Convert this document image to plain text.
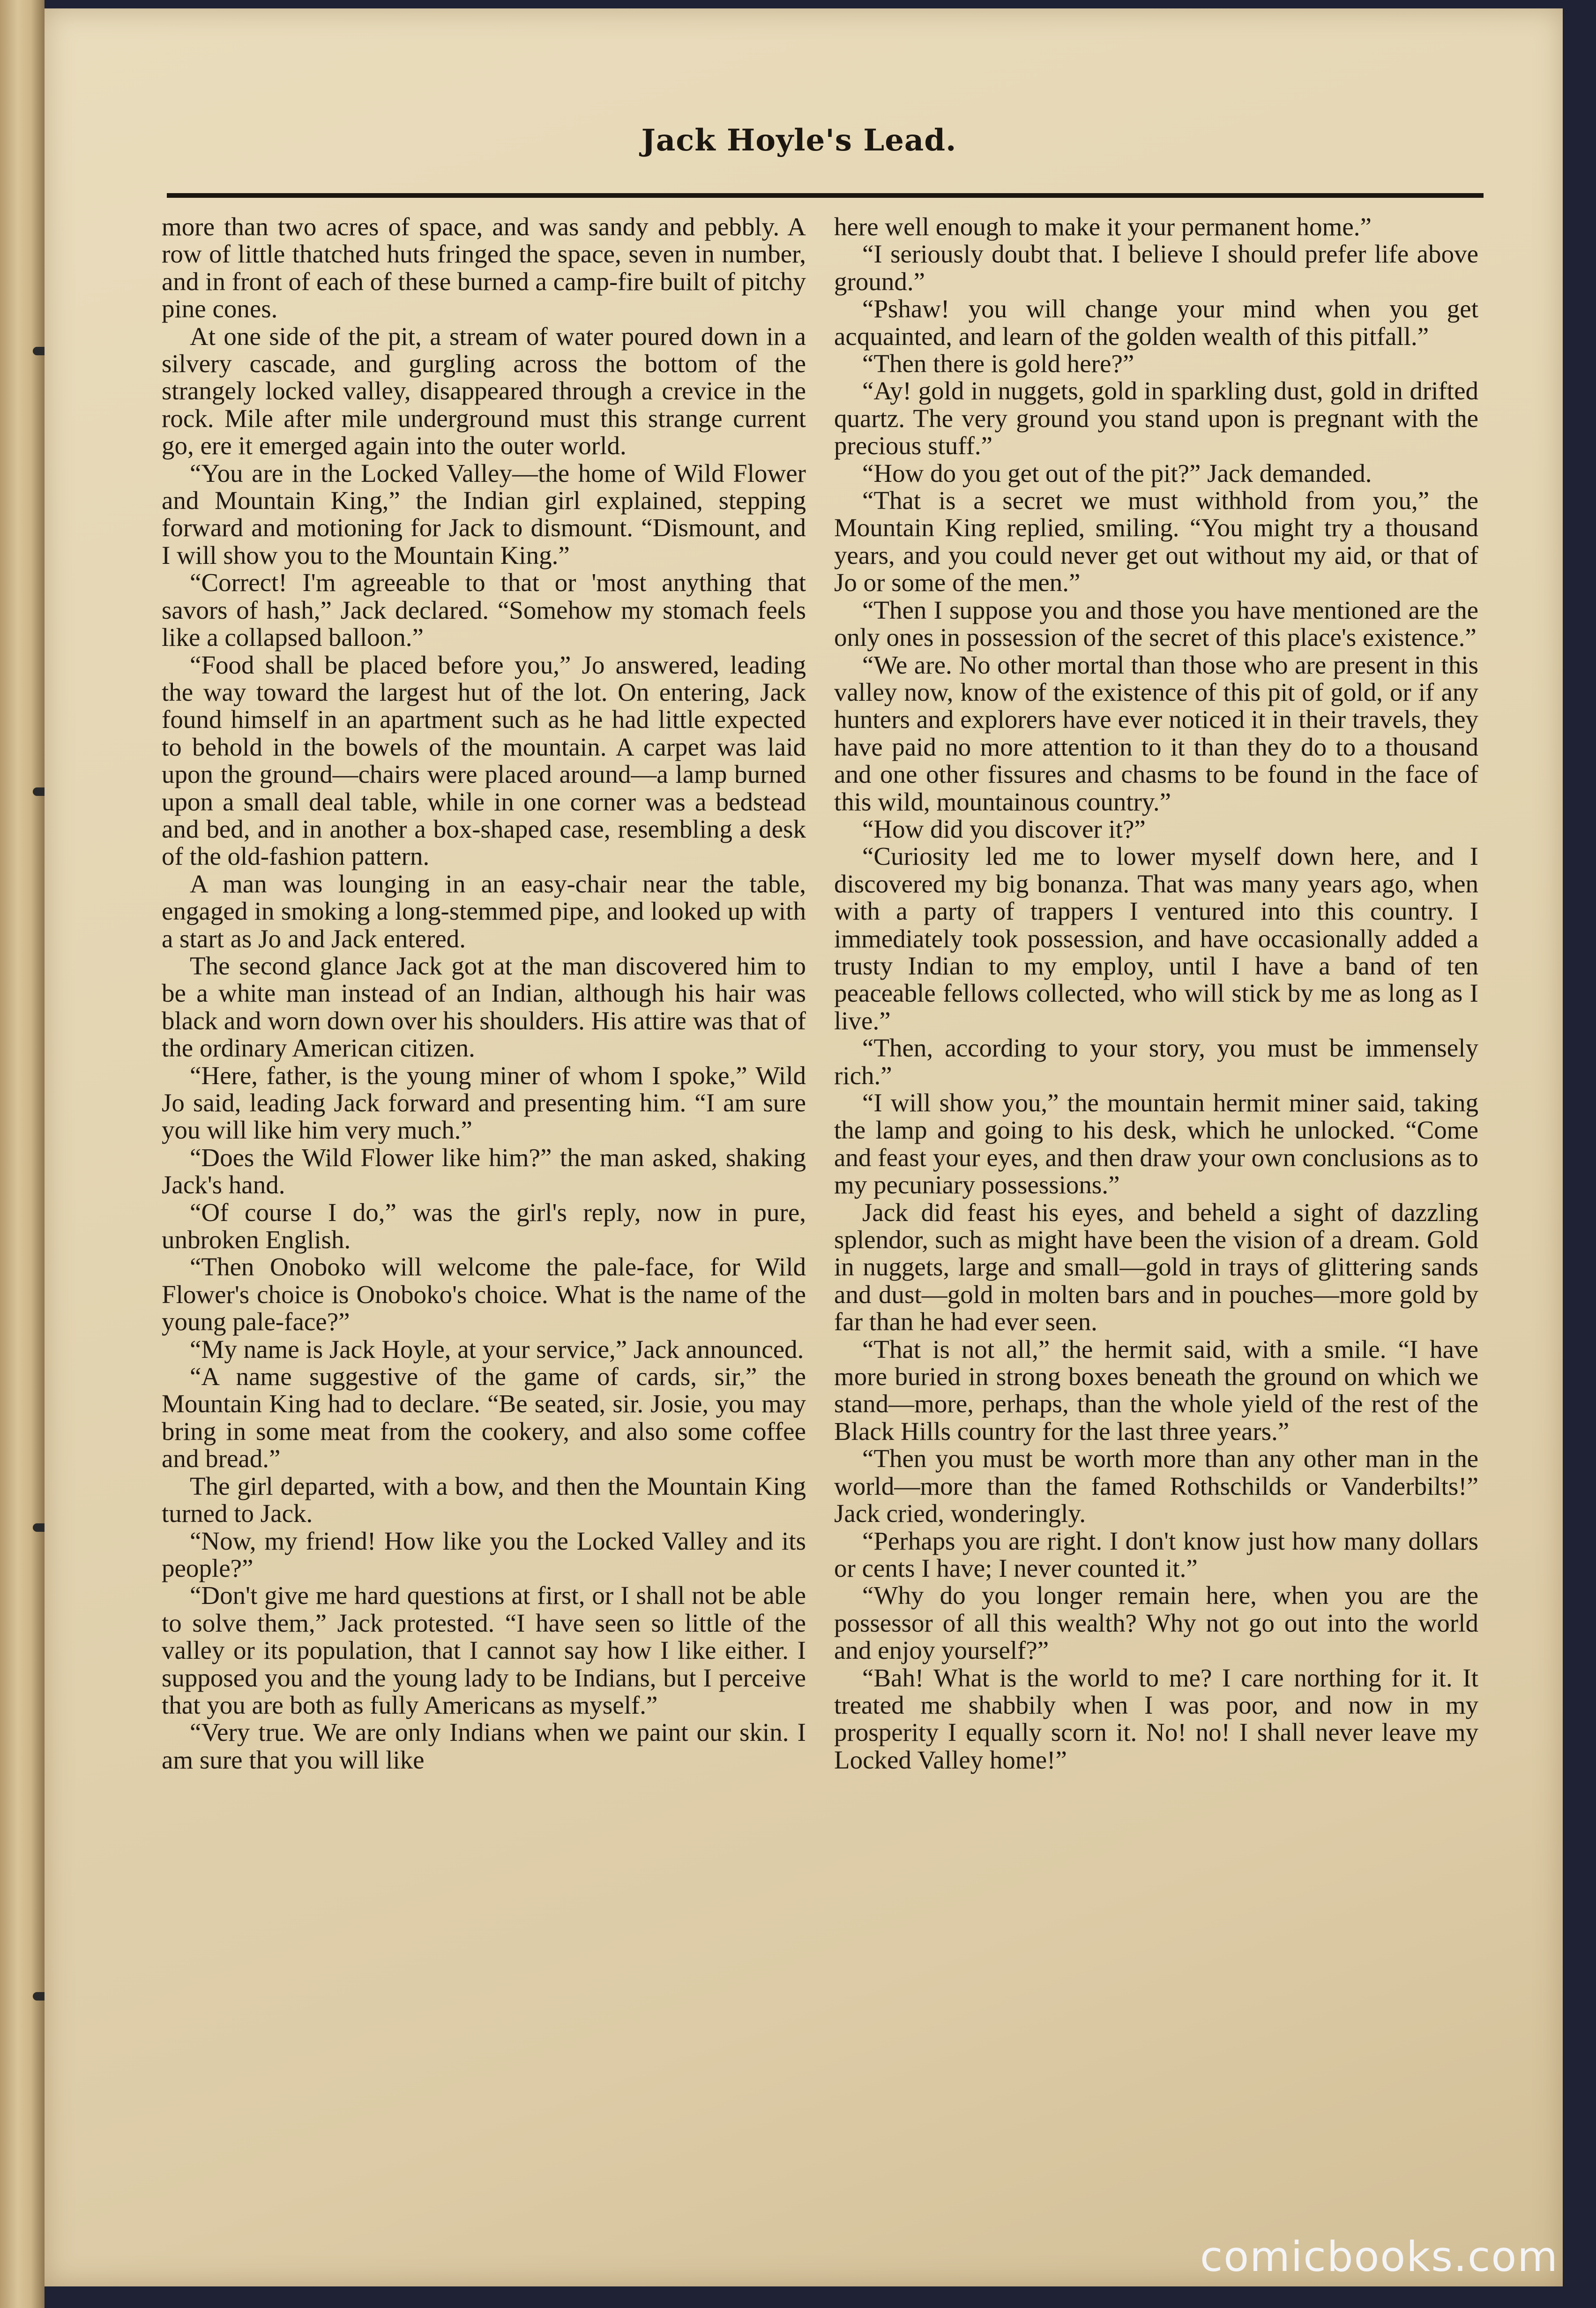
Jack Hoyle's Lead.

more than two acres of space, and was sandy and pebbly. A row of little thatched huts fringed the space, seven in number, and in front of each of these burned a camp-fire built of pitchy pine cones.

At one side of the pit, a stream of water poured down in a silvery cascade, and gurgling across the bottom of the strangely locked valley, disappeared through a crevice in the rock. Mile after mile underground must this strange current go, ere it emerged again into the outer world.

“You are in the Locked Valley—the home of Wild Flower and Mountain King,” the Indian girl explained, stepping forward and motioning for Jack to dismount. “Dismount, and I will show you to the Mountain King.”

“Correct! I'm agreeable to that or 'most anything that savors of hash,” Jack declared. “Somehow my stomach feels like a collapsed balloon.”

“Food shall be placed before you,” Jo answered, leading the way toward the largest hut of the lot. On entering, Jack found himself in an apartment such as he had little expected to behold in the bowels of the mountain. A carpet was laid upon the ground—chairs were placed around—a lamp burned upon a small deal table, while in one corner was a bedstead and bed, and in another a box-shaped case, resembling a desk of the old-fashion pattern.

A man was lounging in an easy-chair near the table, engaged in smoking a long-stemmed pipe, and looked up with a start as Jo and Jack entered.

The second glance Jack got at the man discovered him to be a white man instead of an Indian, although his hair was black and worn down over his shoulders. His attire was that of the ordinary American citizen.

“Here, father, is the young miner of whom I spoke,” Wild Jo said, leading Jack forward and presenting him. “I am sure you will like him very much.”

“Does the Wild Flower like him?” the man asked, shaking Jack's hand.

“Of course I do,” was the girl's reply, now in pure, unbroken English.

“Then Onoboko will welcome the pale-face, for Wild Flower's choice is Onoboko's choice. What is the name of the young pale-face?”

“My name is Jack Hoyle, at your service,” Jack announced.

“A name suggestive of the game of cards, sir,” the Mountain King had to declare. “Be seated, sir. Josie, you may bring in some meat from the cookery, and also some coffee and bread.”

The girl departed, with a bow, and then the Mountain King turned to Jack.

“Now, my friend! How like you the Locked Valley and its people?”

“Don't give me hard questions at first, or I shall not be able to solve them,” Jack protested. “I have seen so little of the valley or its population, that I cannot say how I like either. I supposed you and the young lady to be Indians, but I perceive that you are both as fully Americans as myself.”

“Very true. We are only Indians when we paint our skin. I am sure that you will like

here well enough to make it your permanent home.”

“I seriously doubt that. I believe I should prefer life above ground.”

“Pshaw! you will change your mind when you get acquainted, and learn of the golden wealth of this pitfall.”

“Then there is gold here?”

“Ay! gold in nuggets, gold in sparkling dust, gold in drifted quartz. The very ground you stand upon is pregnant with the precious stuff.”

“How do you get out of the pit?” Jack demanded.

“That is a secret we must withhold from you,” the Mountain King replied, smiling. “You might try a thousand years, and you could never get out without my aid, or that of Jo or some of the men.”

“Then I suppose you and those you have mentioned are the only ones in possession of the secret of this place's existence.”

“We are. No other mortal than those who are present in this valley now, know of the existence of this pit of gold, or if any hunters and explorers have ever noticed it in their travels, they have paid no more attention to it than they do to a thousand and one other fissures and chasms to be found in the face of this wild, mountainous country.”

“How did you discover it?”

“Curiosity led me to lower myself down here, and I discovered my big bonanza. That was many years ago, when with a party of trappers I ventured into this country. I immediately took possession, and have occasionally added a trusty Indian to my employ, until I have a band of ten peaceable fellows collected, who will stick by me as long as I live.”

“Then, according to your story, you must be immensely rich.”

“I will show you,” the mountain hermit miner said, taking the lamp and going to his desk, which he unlocked. “Come and feast your eyes, and then draw your own conclusions as to my pecuniary possessions.”

Jack did feast his eyes, and beheld a sight of dazzling splendor, such as might have been the vision of a dream. Gold in nuggets, large and small—gold in trays of glittering sands and dust—gold in molten bars and in pouches—more gold by far than he had ever seen.

“That is not all,” the hermit said, with a smile. “I have more buried in strong boxes beneath the ground on which we stand—more, perhaps, than the whole yield of the rest of the Black Hills country for the last three years.”

“Then you must be worth more than any other man in the world—more than the famed Rothschilds or Vanderbilts!” Jack cried, wonderingly.

“Perhaps you are right. I don't know just how many dollars or cents I have; I never counted it.”

“Why do you longer remain here, when you are the possessor of all this wealth? Why not go out into the world and enjoy yourself?”

“Bah! What is the world to me? I care northing for it. It treated me shabbily when I was poor, and now in my prosperity I equally scorn it. No! no! I shall never leave my Locked Valley home!”

comicbooks.com
